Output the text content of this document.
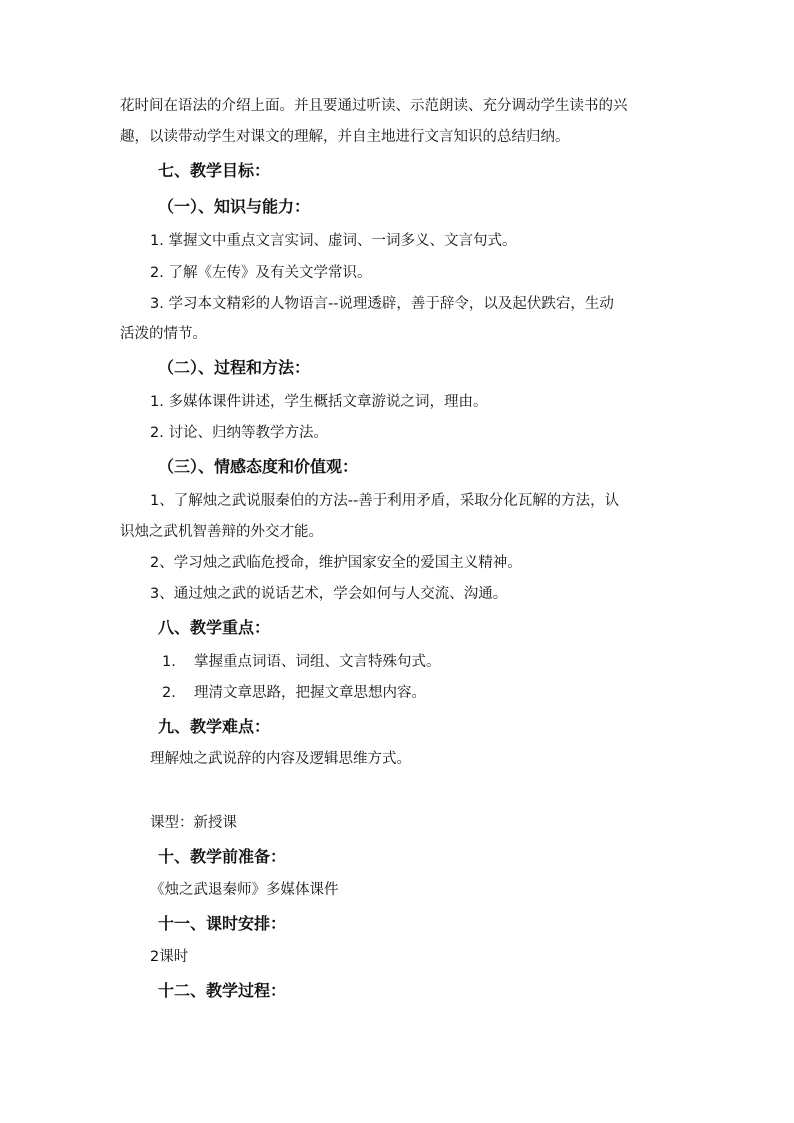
花时间在语法的介绍上面。并且要通过听读、示范朗读、充分调动学生读书的兴
趣，以读带动学生对课文的理解，并自主地进行文言知识的总结归纳。
七、教学目标：
（一）、知识与能力：
1. 掌握文中重点文言实词、虚词、一词多义、文言句式。
2. 了解《左传》及有关文学常识。
3. 学习本文精彩的人物语言--说理透辟，善于辞令，以及起伏跌宕，生动
活泼的情节。
（二）、过程和方法：
1. 多媒体课件讲述，学生概括文章游说之词，理由。
2. 讨论、归纳等教学方法。
（三）、情感态度和价值观：
1、了解烛之武说服秦伯的方法--善于利用矛盾，采取分化瓦解的方法，认
识烛之武机智善辩的外交才能。
2、学习烛之武临危授命，维护国家安全的爱国主义精神。
3、通过烛之武的说话艺术，学会如何与人交流、沟通。
八、教学重点：
1. 掌握重点词语、词组、文言特殊句式。
2. 理清文章思路，把握文章思想内容。
九、教学难点：
理解烛之武说辞的内容及逻辑思维方式。
课型：新授课
十、教学前准备：
《烛之武退秦师》多媒体课件
十一、课时安排：
2课时
十二、教学过程：
